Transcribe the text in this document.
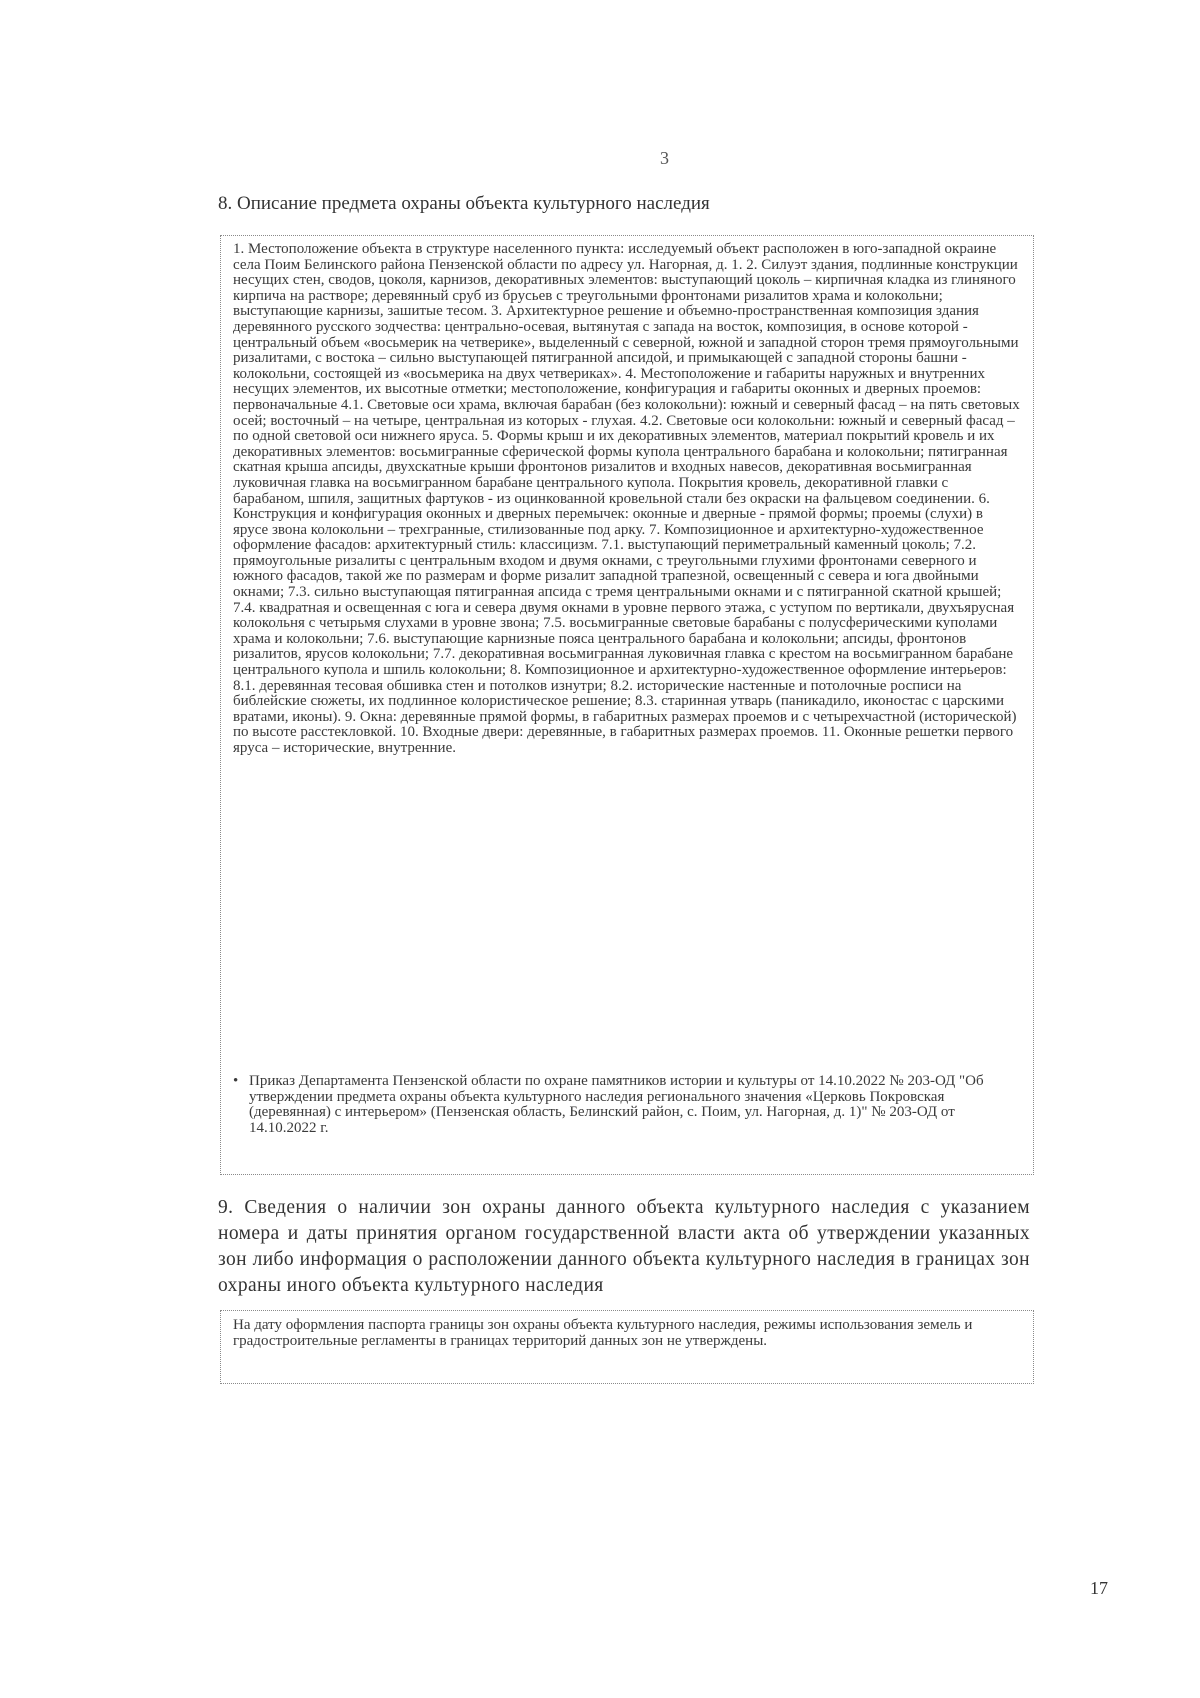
3
8. Описание предмета охраны объекта культурного наследия
1. Местоположение объекта в структуре населенного пункта: исследуемый объект расположен в юго-западной окраине села Поим Белинского района Пензенской области по адресу ул. Нагорная, д. 1. 2. Силуэт здания, подлинные конструкции несущих стен, сводов, цоколя, карнизов, декоративных элементов: выступающий цоколь – кирпичная кладка из глиняного кирпича на растворе; деревянный сруб из брусьев с треугольными фронтонами ризалитов храма и колокольни; выступающие карнизы, зашитые тесом. 3. Архитектурное решение и объемно-пространственная композиция здания деревянного русского зодчества: центрально-осевая, вытянутая с запада на восток, композиция, в основе которой - центральный объем «восьмерик на четверике», выделенный с северной, южной и западной сторон тремя прямоугольными ризалитами, с востока – сильно выступающей пятигранной апсидой, и примыкающей с западной стороны башни - колокольни, состоящей из «восьмерика на двух четвериках». 4. Местоположение и габариты наружных и внутренних несущих элементов, их высотные отметки; местоположение, конфигурация и габариты оконных и дверных проемов: первоначальные 4.1. Световые оси храма, включая барабан (без колокольни): южный и северный фасад – на пять световых осей; восточный – на четыре, центральная из которых - глухая. 4.2. Световые оси колокольни: южный и северный фасад – по одной световой оси нижнего яруса. 5. Формы крыш и их декоративных элементов, материал покрытий кровель и их декоративных элементов: восьмигранные сферической формы купола центрального барабана и колокольни; пятигранная скатная крыша апсиды, двухскатные крыши фронтонов ризалитов и входных навесов, декоративная восьмигранная луковичная главка на восьмигранном барабане центрального купола. Покрытия кровель, декоративной главки с барабаном, шпиля, защитных фартуков - из оцинкованной кровельной стали без окраски на фальцевом соединении. 6. Конструкция и конфигурация оконных и дверных перемычек: оконные и дверные - прямой формы; проемы (слухи) в ярусе звона колокольни – трехгранные, стилизованные под арку. 7. Композиционное и архитектурно-художественное оформление фасадов: архитектурный стиль: классицизм. 7.1. выступающий периметральный каменный цоколь; 7.2. прямоугольные ризалиты с центральным входом и двумя окнами, с треугольными глухими фронтонами северного и южного фасадов, такой же по размерам и форме ризалит западной трапезной, освещенный с севера и юга двойными окнами; 7.3. сильно выступающая пятигранная апсида с тремя центральными окнами и с пятигранной скатной крышей; 7.4. квадратная и освещенная с юга и севера двумя окнами в уровне первого этажа, с уступом по вертикали, двухъярусная колокольня с четырьмя слухами в уровне звона; 7.5. восьмигранные световые барабаны с полусферическими куполами храма и колокольни; 7.6. выступающие карнизные пояса центрального барабана и колокольни; апсиды, фронтонов ризалитов, ярусов колокольни; 7.7. декоративная восьмигранная луковичная главка с крестом на восьмигранном барабане центрального купола и шпиль колокольни; 8. Композиционное и архитектурно-художественное оформление интерьеров: 8.1. деревянная тесовая обшивка стен и потолков изнутри; 8.2. исторические настенные и потолочные росписи на библейские сюжеты, их подлинное колористическое решение; 8.3. старинная утварь (паникадило, иконостас с царскими вратами, иконы). 9. Окна: деревянные прямой формы, в габаритных размерах проемов и с четырехчастной (исторической) по высоте расстекловкой. 10. Входные двери: деревянные, в габаритных размерах проемов. 11. Оконные решетки первого яруса – исторические, внутренние.
• Приказ Департамента Пензенской области по охране памятников истории и культуры от 14.10.2022 № 203-ОД "Об утверждении предмета охраны объекта культурного наследия регионального значения «Церковь Покровская (деревянная) с интерьером» (Пензенская область, Белинский район, с. Поим, ул. Нагорная, д. 1)" № 203-ОД от 14.10.2022 г.
9. Сведения о наличии зон охраны данного объекта культурного наследия с указанием номера и даты принятия органом государственной власти акта об утверждении указанных зон либо информация о расположении данного объекта культурного наследия в границах зон охраны иного объекта культурного наследия
На дату оформления паспорта границы зон охраны объекта культурного наследия, режимы использования земель и градостроительные регламенты в границах территорий данных зон не утверждены.
17
